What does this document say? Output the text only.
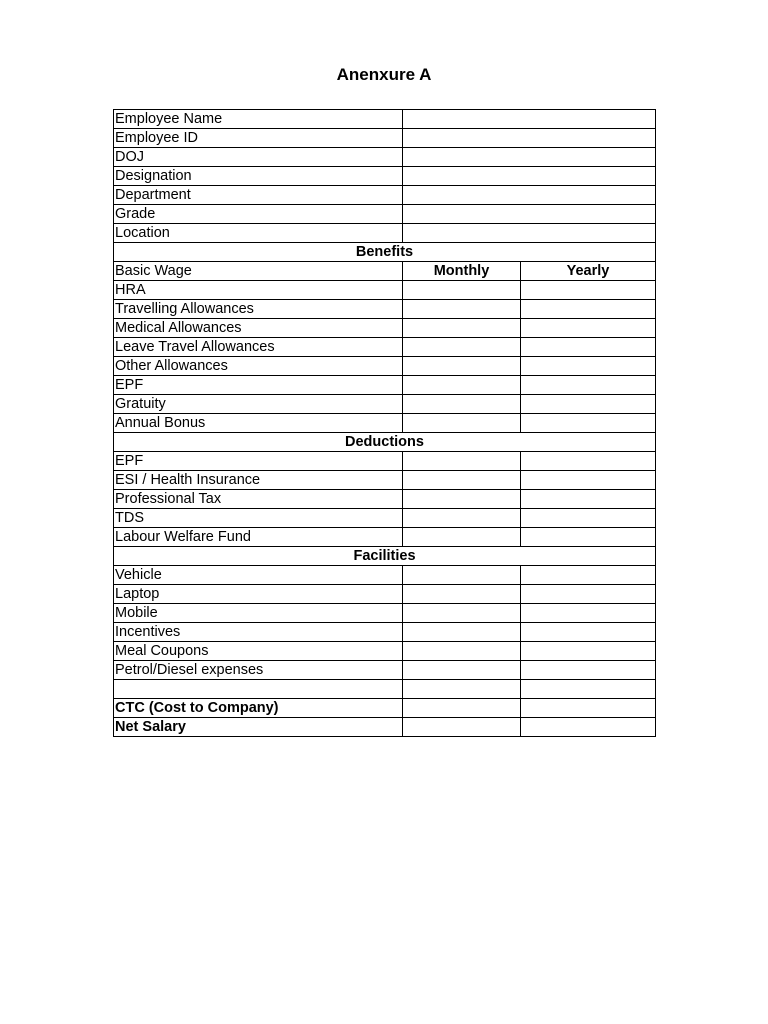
Anenxure A
Employee Name		
Employee ID		
DOJ		
Designation		
Department		
Grade		
Location		
Benefits		
Basic Wage	Monthly	Yearly
HRA		
Travelling Allowances		
Medical Allowances		
Leave Travel Allowances		
Other Allowances		
EPF		
Gratuity		
Annual Bonus		
Deductions		
EPF		
ESI / Health Insurance		
Professional Tax		
TDS		
Labour Welfare Fund		
Facilities		
Vehicle		
Laptop		
Mobile		
Incentives		
Meal Coupons		
Petrol/Diesel expenses		

CTC (Cost to Company)		
Net Salary		
